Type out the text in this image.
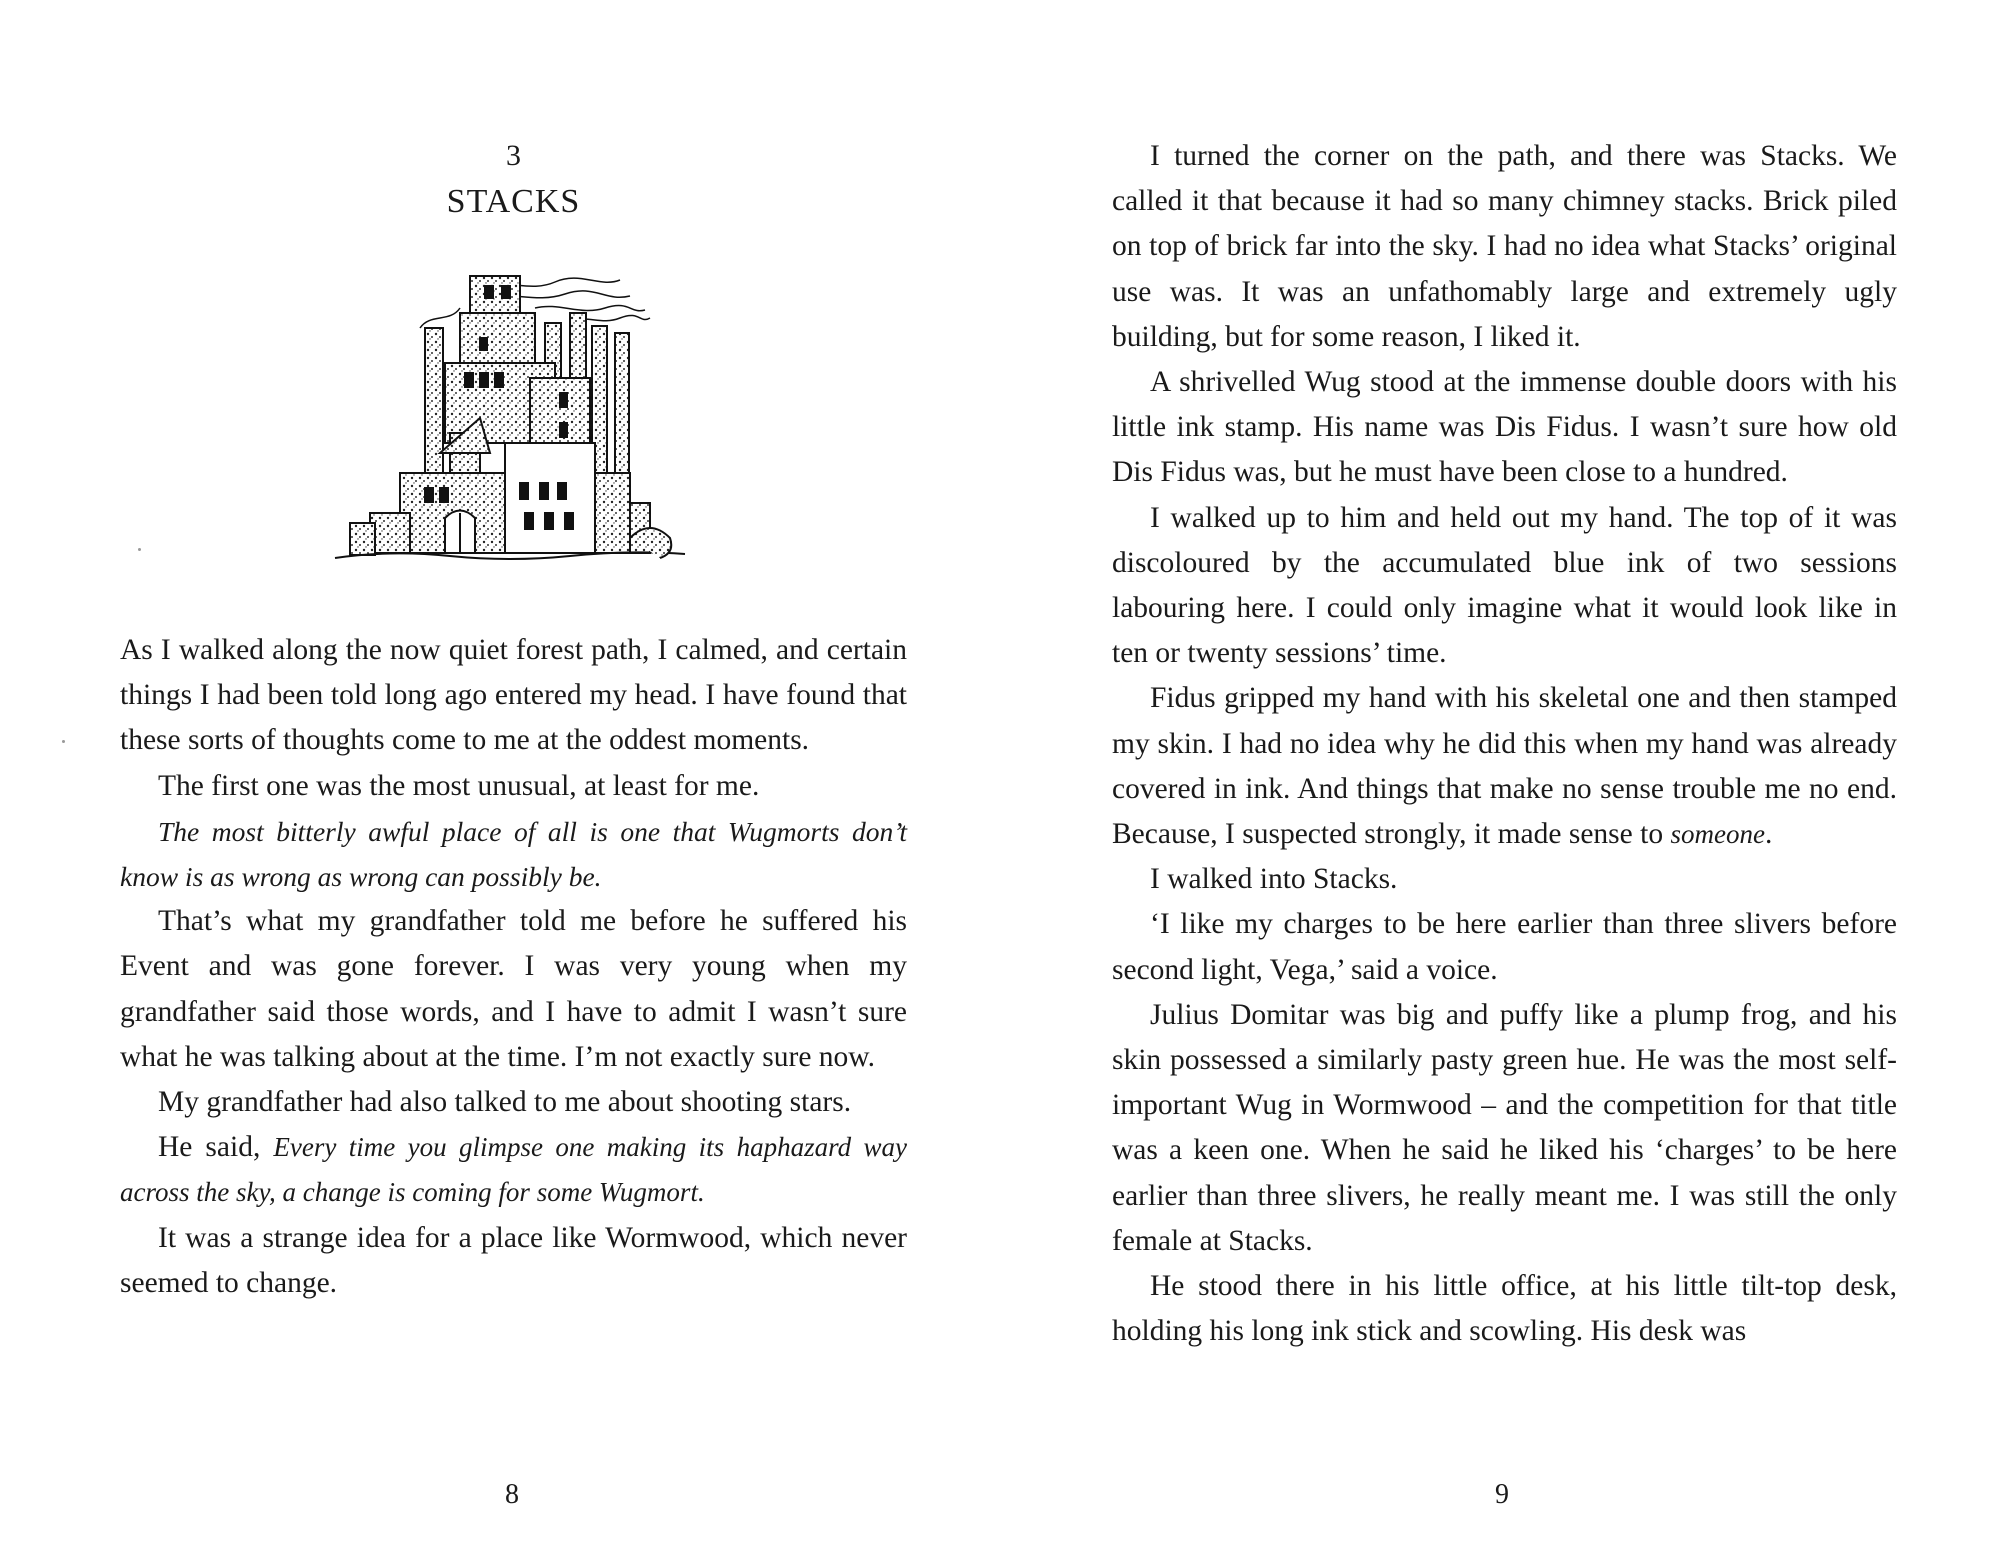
3
STACKS

As I walked along the now quiet forest path, I calmed, and certain things I had been told long ago entered my head. I have found that these sorts of thoughts come to me at the oddest moments.

The first one was the most unusual, at least for me.

The most bitterly awful place of all is one that Wugmorts don’t know is as wrong as wrong can possibly be.

That’s what my grandfather told me before he suffered his Event and was gone forever. I was very young when my grandfather said those words, and I have to admit I wasn’t sure what he was talking about at the time. I’m not exactly sure now.

My grandfather had also talked to me about shooting stars.

He said, Every time you glimpse one making its haphazard way across the sky, a change is coming for some Wugmort.

It was a strange idea for a place like Wormwood, which never seemed to change.

8

I turned the corner on the path, and there was Stacks. We called it that because it had so many chimney stacks. Brick piled on top of brick far into the sky. I had no idea what Stacks’ original use was. It was an unfathomably large and extremely ugly building, but for some reason, I liked it.

A shrivelled Wug stood at the immense double doors with his little ink stamp. His name was Dis Fidus. I wasn’t sure how old Dis Fidus was, but he must have been close to a hundred.

I walked up to him and held out my hand. The top of it was discoloured by the accumulated blue ink of two sessions labouring here. I could only imagine what it would look like in ten or twenty sessions’ time.

Fidus gripped my hand with his skeletal one and then stamped my skin. I had no idea why he did this when my hand was already covered in ink. And things that make no sense trouble me no end. Because, I suspected strongly, it made sense to someone.

I walked into Stacks.

‘I like my charges to be here earlier than three slivers before second light, Vega,’ said a voice.

Julius Domitar was big and puffy like a plump frog, and his skin possessed a similarly pasty green hue. He was the most self-important Wug in Wormwood – and the competition for that title was a keen one. When he said he liked his ‘charges’ to be here earlier than three slivers, he really meant me. I was still the only female at Stacks.

He stood there in his little office, at his little tilt-top desk, holding his long ink stick and scowling. His desk was

9
